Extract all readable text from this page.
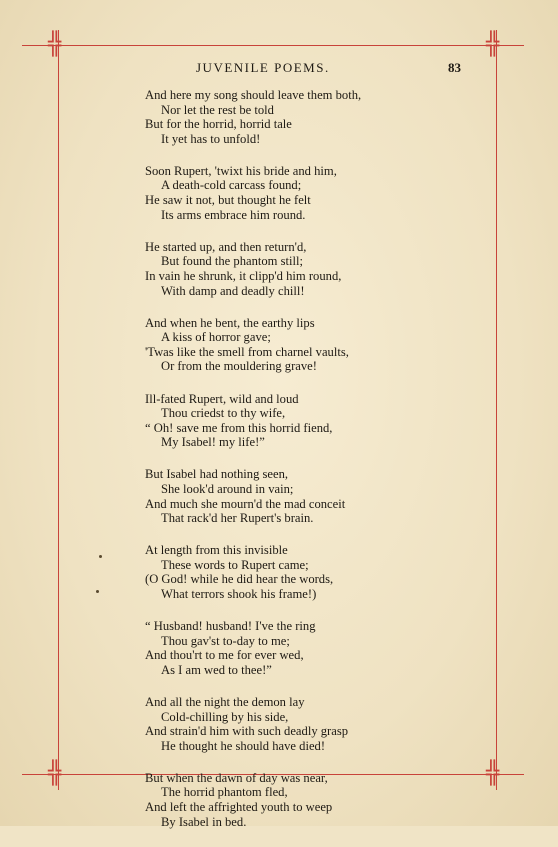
╬	╬
╬	╬
JUVENILE POEMS.	83
And here my song should leave them both,
Nor let the rest be told
But for the horrid, horrid tale
It yet has to unfold!
Soon Rupert, 'twixt his bride and him,
A death-cold carcass found;
He saw it not, but thought he felt
Its arms embrace him round.
He started up, and then return'd,
But found the phantom still;
In vain he shrunk, it clipp'd him round,
With damp and deadly chill!
And when he bent, the earthy lips
A kiss of horror gave;
'Twas like the smell from charnel vaults,
Or from the mouldering grave!
Ill-fated Rupert, wild and loud
Thou criedst to thy wife,
“ Oh! save me from this horrid fiend,
My Isabel! my life!”
But Isabel had nothing seen,
She look'd around in vain;
And much she mourn'd the mad conceit
That rack'd her Rupert's brain.
At length from this invisible
These words to Rupert came;
(O God! while he did hear the words,
What terrors shook his frame!)
“ Husband! husband! I've the ring
Thou gav'st to-day to me;
And thou'rt to me for ever wed,
As I am wed to thee!”
And all the night the demon lay
Cold-chilling by his side,
And strain'd him with such deadly grasp
He thought he should have died!
But when the dawn of day was near,
The horrid phantom fled,
And left the affrighted youth to weep
By Isabel in bed.
